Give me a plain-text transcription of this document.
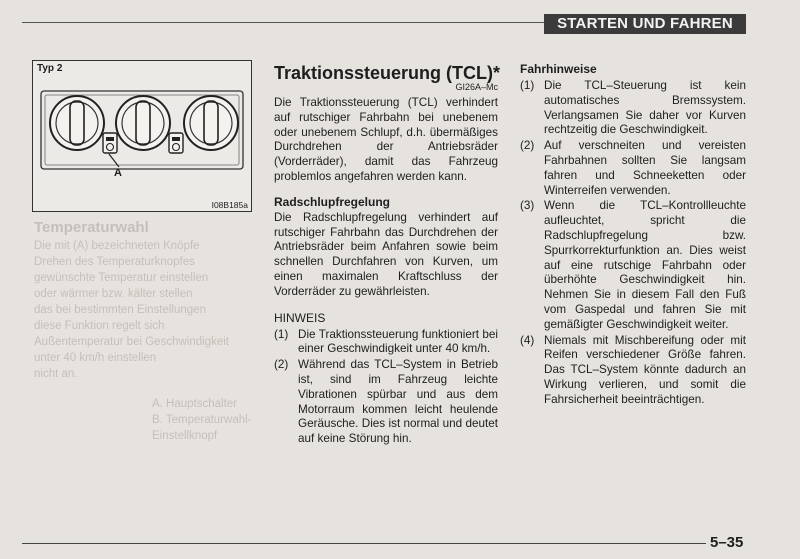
STARTEN UND FAHREN
Temperaturwahl
Die mit (A) bezeichneten Knöpfe
Drehen des Temperaturknopfes
gewünschte Temperatur einstellen
oder wärmer bzw. kälter stellen
das bei bestimmten Einstellungen
diese Funktion regelt sich
Außentemperatur bei Geschwindigkeit
unter 40 km/h einstellen
nicht an.
A. Hauptschalter
B. Temperaturwahl-Einstellknopf
Typ 2
A
I08B185a
Traktionssteuerung (TCL)*
GI26A–Mc

Die Traktionssteuerung (TCL) verhindert auf rutschiger Fahrbahn bei unebenem oder unebenem Schlupf, d.h. übermäßiges Durchdrehen der Antriebsräder (Vorderräder), damit das Fahrzeug problemlos angefahren werden kann.

Radschlupfregelung

Die Radschlupfregelung verhindert auf rutschiger Fahrbahn das Durchdrehen der Antriebsräder beim Anfahren sowie beim schnellen Durchfahren von Kurven, um einen maximalen Kraftschluss der Vorderräder zu gewährleisten.

HINWEIS
(1) Die Traktionssteuerung funktioniert bei einer Geschwindigkeit unter 40 km/h.
(2) Während das TCL–System in Betrieb ist, sind im Fahrzeug leichte Vibrationen spürbar und aus dem Motorraum kommen leicht heulende Geräusche. Dies ist normal und deutet auf keine Störung hin.
Fahrhinweise
(1) Die TCL–Steuerung ist kein automatisches Bremssystem. Verlangsamen Sie daher vor Kurven rechtzeitig die Geschwindigkeit.
(2) Auf verschneiten und vereisten Fahrbahnen sollten Sie langsam fahren und Schneeketten oder Winterreifen verwenden.
(3) Wenn die TCL–Kontrollleuchte aufleuchtet, spricht die Radschlupfregelung bzw. Spurrkorrekturfunktion an. Dies weist auf eine rutschige Fahrbahn oder überhöhte Geschwindigkeit hin. Nehmen Sie in diesem Fall den Fuß vom Gaspedal und fahren Sie mit gemäßigter Geschwindigkeit weiter.
(4) Niemals mit Mischbereifung oder mit Reifen verschiedener Größe fahren. Das TCL–System könnte dadurch an Wirkung verlieren, und somit die Fahrsicherheit beeinträchtigen.
5–35
